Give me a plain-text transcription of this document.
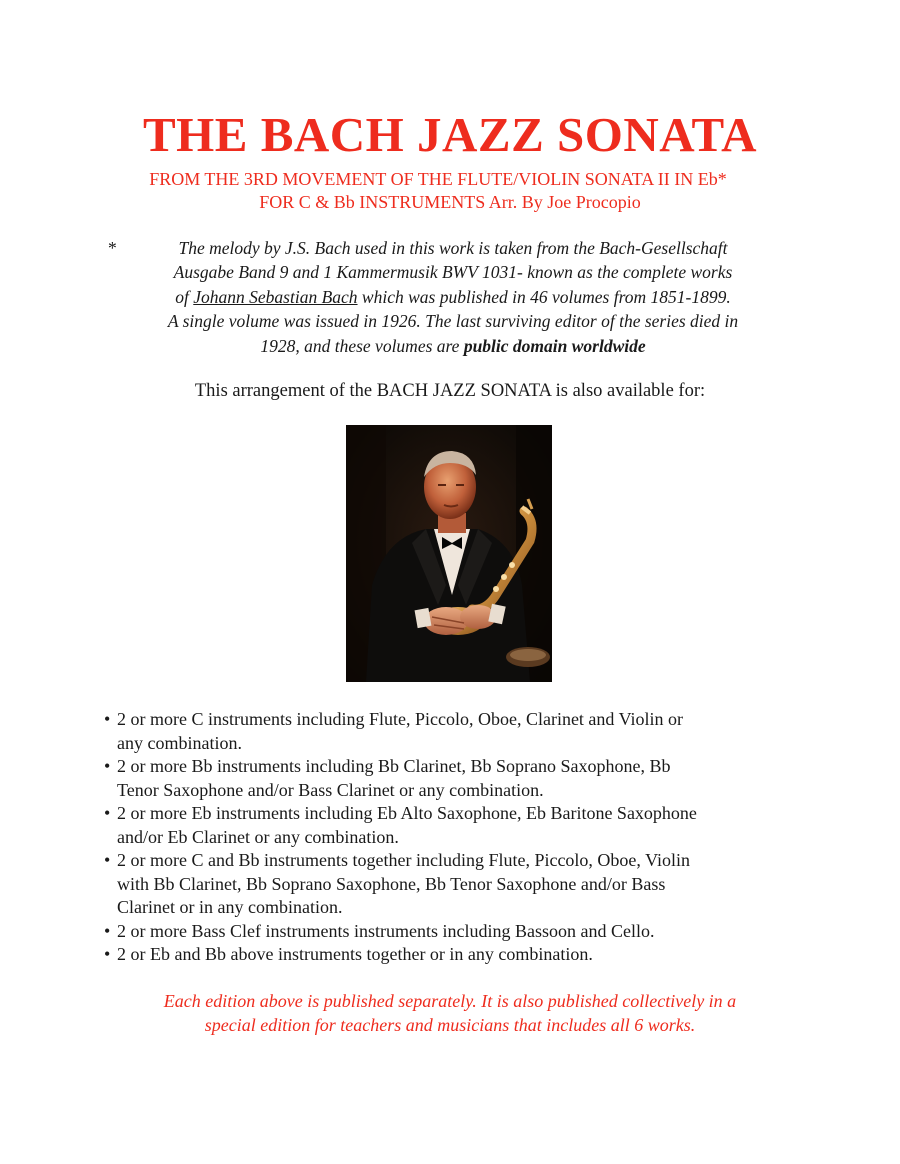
THE BACH JAZZ SONATA

FROM THE 3RD MOVEMENT OF THE FLUTE/VIOLIN SONATA II IN Eb*

FOR C & Bb INSTRUMENTS Arr. By Joe Procopio

*	The melody by J.S. Bach used in this work is taken from the Bach-Gesellschaft
Ausgabe Band 9 and 1 Kammermusik BWV 1031- known as the complete works
of Johann Sebastian Bach which was published in 46 volumes from 1851-1899.
A single volume was issued in 1926. The last surviving editor of the series died in
1928, and these volumes are public domain worldwide

This arrangement of the BACH JAZZ SONATA is also available for:

• 2 or more C instruments including Flute, Piccolo, Oboe, Clarinet and Violin or
any combination.
• 2 or more Bb instruments including Bb Clarinet, Bb Soprano Saxophone, Bb
Tenor Saxophone and/or Bass Clarinet or any combination.
• 2 or more Eb instruments including Eb Alto Saxophone, Eb Baritone Saxophone
and/or Eb Clarinet or any combination.
• 2 or more C and Bb instruments together including Flute, Piccolo, Oboe, Violin
with Bb Clarinet, Bb Soprano Saxophone, Bb Tenor Saxophone and/or Bass
Clarinet or in any combination.
• 2 or more Bass Clef instruments instruments including Bassoon and Cello.
• 2 or Eb and Bb above instruments together or in any combination.
Each edition above is published separately. It is also published collectively in a
special edition for teachers and musicians that includes all 6 works.
